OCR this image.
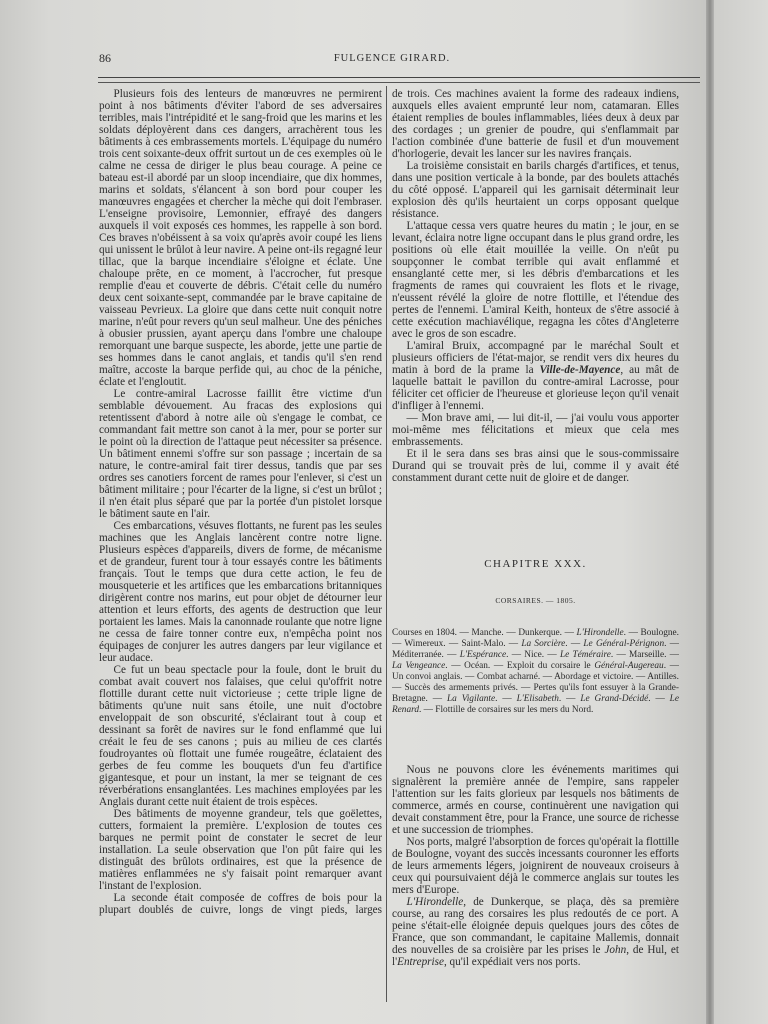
86	FULGENCE GIRARD.

Plusieurs fois des lenteurs de manœuvres ne permirent point à nos bâtiments d'éviter l'abord de ses adversaires terribles, mais l'intrépidité et le sang-froid que les marins et les soldats déployèrent dans ces dangers, arrachèrent tous les bâtiments à ces embrassements mortels. L'équipage du numéro trois cent soixante-deux offrit surtout un de ces exemples où le calme ne cessa de diriger le plus beau courage. A peine ce bateau est-il abordé par un sloop incendiaire, que dix hommes, marins et soldats, s'élancent à son bord pour couper les manœuvres engagées et chercher la mèche qui doit l'embraser. L'enseigne provisoire, Lemonnier, effrayé des dangers auxquels il voit exposés ces hommes, les rappelle à son bord. Ces braves n'obéissent à sa voix qu'après avoir coupé les liens qui unissent le brûlot à leur navire. A peine ont-ils regagné leur tillac, que la barque incendiaire s'éloigne et éclate. Une chaloupe prête, en ce moment, à l'accrocher, fut presque remplie d'eau et couverte de débris. C'était celle du numéro deux cent soixante-sept, commandée par le brave capitaine de vaisseau Pevrieux. La gloire que dans cette nuit conquit notre marine, n'eût pour revers qu'un seul malheur. Une des péniches à obusier prussien, ayant aperçu dans l'ombre une chaloupe remorquant une barque suspecte, les aborde, jette une partie de ses hommes dans le canot anglais, et tandis qu'il s'en rend maître, accoste la barque perfide qui, au choc de la péniche, éclate et l'engloutit.

Le contre-amiral Lacrosse faillit être victime d'un semblable dévouement. Au fracas des explosions qui retentissent d'abord à notre aile où s'engage le combat, ce commandant fait mettre son canot à la mer, pour se porter sur le point où la direction de l'attaque peut nécessiter sa présence. Un bâtiment ennemi s'offre sur son passage ; incertain de sa nature, le contre-amiral fait tirer dessus, tandis que par ses ordres ses canotiers forcent de rames pour l'enlever, si c'est un bâtiment militaire ; pour l'écarter de la ligne, si c'est un brûlot ; il n'en était plus séparé que par la portée d'un pistolet lorsque le bâtiment saute en l'air.

Ces embarcations, vésuves flottants, ne furent pas les seules machines que les Anglais lancèrent contre notre ligne. Plusieurs espèces d'appareils, divers de forme, de mécanisme et de grandeur, furent tour à tour essayés contre les bâtiments français. Tout le temps que dura cette action, le feu de mousqueterie et les artifices que les embarcations britanniques dirigèrent contre nos marins, eut pour objet de détourner leur attention et leurs efforts, des agents de destruction que leur portaient les lames. Mais la canonnade roulante que notre ligne ne cessa de faire tonner contre eux, n'empêcha point nos équipages de conjurer les autres dangers par leur vigilance et leur audace.

Ce fut un beau spectacle pour la foule, dont le bruit du combat avait couvert nos falaises, que celui qu'offrit notre flottille durant cette nuit victorieuse ; cette triple ligne de bâtiments qu'une nuit sans étoile, une nuit d'octobre enveloppait de son obscurité, s'éclairant tout à coup et dessinant sa forêt de navires sur le fond enflammé que lui créait le feu de ses canons ; puis au milieu de ces clartés foudroyantes où flottait une fumée rougeâtre, éclataient des gerbes de feu comme les bouquets d'un feu d'artifice gigantesque, et pour un instant, la mer se teignant de ces réverbérations ensanglantées. Les machines employées par les Anglais durant cette nuit étaient de trois espèces.

Des bâtiments de moyenne grandeur, tels que goëlettes, cutters, formaient la première. L'explosion de toutes ces barques ne permit point de constater le secret de leur installation. La seule observation que l'on pût faire qui les distinguât des brûlots ordinaires, est que la présence de matières enflammées ne s'y faisait point remarquer avant l'instant de l'explosion.

La seconde était composée de coffres de bois pour la plupart doublés de cuivre, longs de vingt pieds, larges

de trois. Ces machines avaient la forme des radeaux indiens, auxquels elles avaient emprunté leur nom, catamaran. Elles étaient remplies de boules inflammables, liées deux à deux par des cordages ; un grenier de poudre, qui s'enflammait par l'action combinée d'une batterie de fusil et d'un mouvement d'horlogerie, devait les lancer sur les navires français.

La troisième consistait en barils chargés d'artifices, et tenus, dans une position verticale à la bonde, par des boulets attachés du côté opposé. L'appareil qui les garnisait déterminait leur explosion dès qu'ils heurtaient un corps opposant quelque résistance.

L'attaque cessa vers quatre heures du matin ; le jour, en se levant, éclaira notre ligne occupant dans le plus grand ordre, les positions où elle était mouillée la veille. On n'eût pu soupçonner le combat terrible qui avait enflammé et ensanglanté cette mer, si les débris d'embarcations et les fragments de rames qui couvraient les flots et le rivage, n'eussent révélé la gloire de notre flottille, et l'étendue des pertes de l'ennemi. L'amiral Keith, honteux de s'être associé à cette exécution machiavélique, regagna les côtes d'Angleterre avec le gros de son escadre.

L'amiral Bruix, accompagné par le maréchal Soult et plusieurs officiers de l'état-major, se rendit vers dix heures du matin à bord de la prame la Ville-de-Mayence, au mât de laquelle battait le pavillon du contre-amiral Lacrosse, pour féliciter cet officier de l'heureuse et glorieuse leçon qu'il venait d'infliger à l'ennemi.

— Mon brave ami, — lui dit-il, — j'ai voulu vous apporter moi-même mes félicitations et mieux que cela mes embrassements.

Et il le sera dans ses bras ainsi que le sous-commissaire Durand qui se trouvait près de lui, comme il y avait été constamment durant cette nuit de gloire et de danger.

CHAPITRE XXX.
CORSAIRES. — 1805.

Courses en 1804. — Manche. — Dunkerque. — L'Hirondelle. — Boulogne. — Wimereux. — Saint-Malo. — La Sorcière. — Le Général-Pérignon. — Méditerranée. — L'Espérance. — Nice. — Le Téméraire. — Marseille. — La Vengeance. — Océan. — Exploit du corsaire le Général-Augereau. — Un convoi anglais. — Combat acharné. — Abordage et victoire. — Antilles. — Succès des armements privés. — Pertes qu'ils font essuyer à la Grande-Bretagne. — La Vigilante. — L'Elisabeth. — Le Grand-Décidé. — Le Renard. — Flottille de corsaires sur les mers du Nord.

Nous ne pouvons clore les événements maritimes qui signalèrent la première année de l'empire, sans rappeler l'attention sur les faits glorieux par lesquels nos bâtiments de commerce, armés en course, continuèrent une navigation qui devait constamment être, pour la France, une source de richesse et une succession de triomphes.

Nos ports, malgré l'absorption de forces qu'opérait la flottille de Boulogne, voyant des succès incessants couronner les efforts de leurs armements légers, joignirent de nouveaux croiseurs à ceux qui poursuivaient déjà le commerce anglais sur toutes les mers d'Europe.

L'Hirondelle, de Dunkerque, se plaça, dès sa première course, au rang des corsaires les plus redoutés de ce port. A peine s'était-elle éloignée depuis quelques jours des côtes de France, que son commandant, le capitaine Mallemis, donnait des nouvelles de sa croisière par les prises le John, de Hul, et l'Entreprise, qu'il expédiait vers nos ports.
